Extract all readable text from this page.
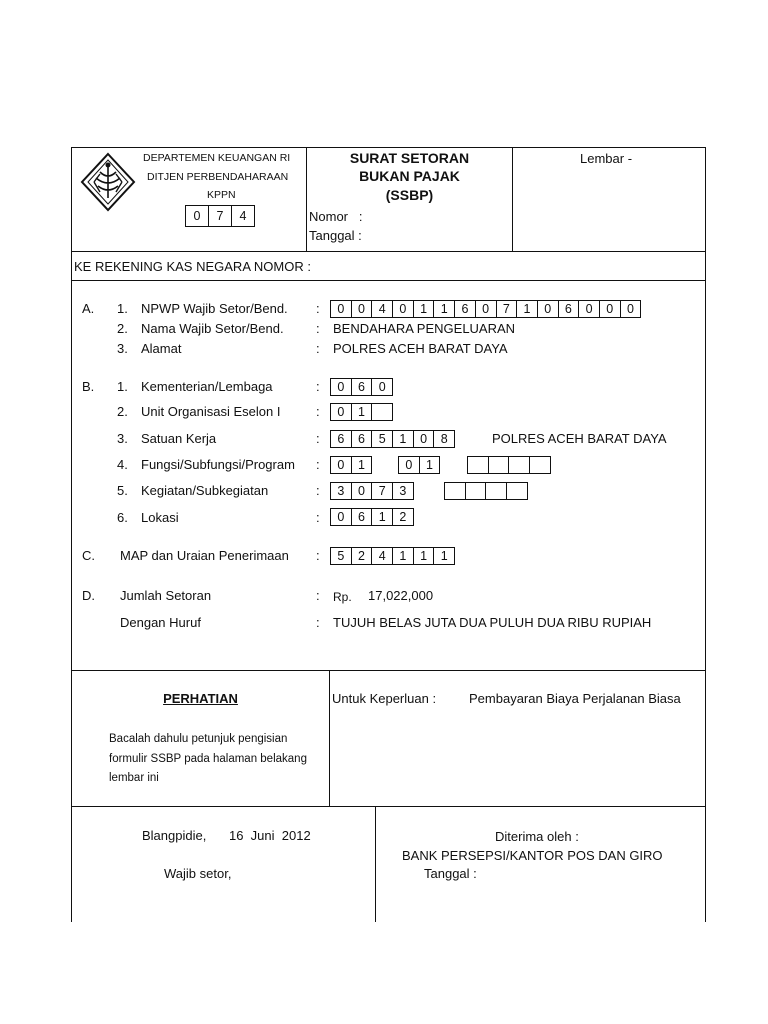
DEPARTEMEN KEUANGAN RI
DITJEN PERBENDAHARAAN
KPPN
0	7	4
SURAT SETORAN
BUKAN PAJAK
(SSBP)
Nomor   :
Tanggal :
Lembar -
KE REKENING KAS NEGARA NOMOR :
A. 1. NPWP Wajib Setor/Bend. :	0	0	4	0	1	1	6	0	7	1	0	6	0	0	0
2. Nama Wajib Setor/Bend. : BENDAHARA PENGELUARAN
3. Alamat	: POLRES ACEH BARAT DAYA
B. 1. Kementerian/Lembaga	:	0	6	0
2. Unit Organisasi Eselon I	:	0	1
3. Satuan Kerja	:	6	6	5	1	0	8	POLRES ACEH BARAT DAYA
4. Fungsi/Subfungsi/Program :	0	1	0	1
5. Kegiatan/Subkegiatan	:	3	0	7	3
6. Lokasi	:	0	6	1	2
C. MAP dan Uraian Penerimaan :	5	2	4	1	1	1
D. Jumlah Setoran	: Rp. 17,022,000
Dengan Huruf	: TUJUH BELAS JUTA DUA PULUH DUA RIBU RUPIAH
PERHATIAN
Bacalah dahulu petunjuk pengisian
formulir SSBP pada halaman belakang
lembar ini
Untuk Keperluan :	Pembayaran Biaya Perjalanan Biasa
Blangpidie, 16  Juni  2012
Wajib setor,
Diterima oleh :
BANK PERSEPSI/KANTOR POS DAN GIRO
Tanggal :
